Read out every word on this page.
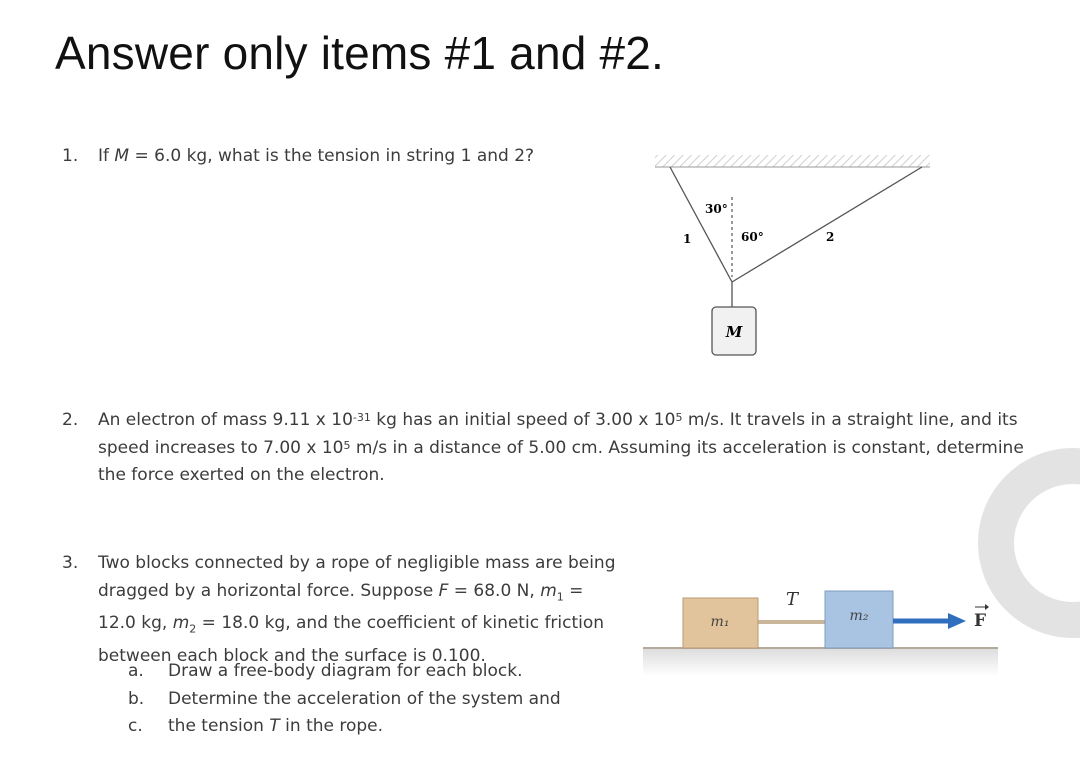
Answer only items #1 and #2.
1. If M = 6.0 kg, what is the tension in string 1 and 2?
M
30°
60°
1	2
2. An electron of mass 9.11 x $10^{-31}$ kg has an initial speed of 3.00 x $10^5$ m/s. It travels in a straight line, and its speed increases to 7.00 x $10^5$ m/s in a distance of 5.00 cm. Assuming its acceleration is constant, determine the force exerted on the electron.
3. Two blocks connected by a rope of negligible mass are being dragged by a horizontal force. Suppose F = 68.0 N, $m_1 = 12.0$ kg, $m_2 = 18.0$ kg, and the coefficient of kinetic friction between each block and the surface is 0.100.
a. Draw a free-body diagram for each block.
b. Determine the acceleration of the system and
c.	the tension T in the rope.
m₁	m₂
T
F
